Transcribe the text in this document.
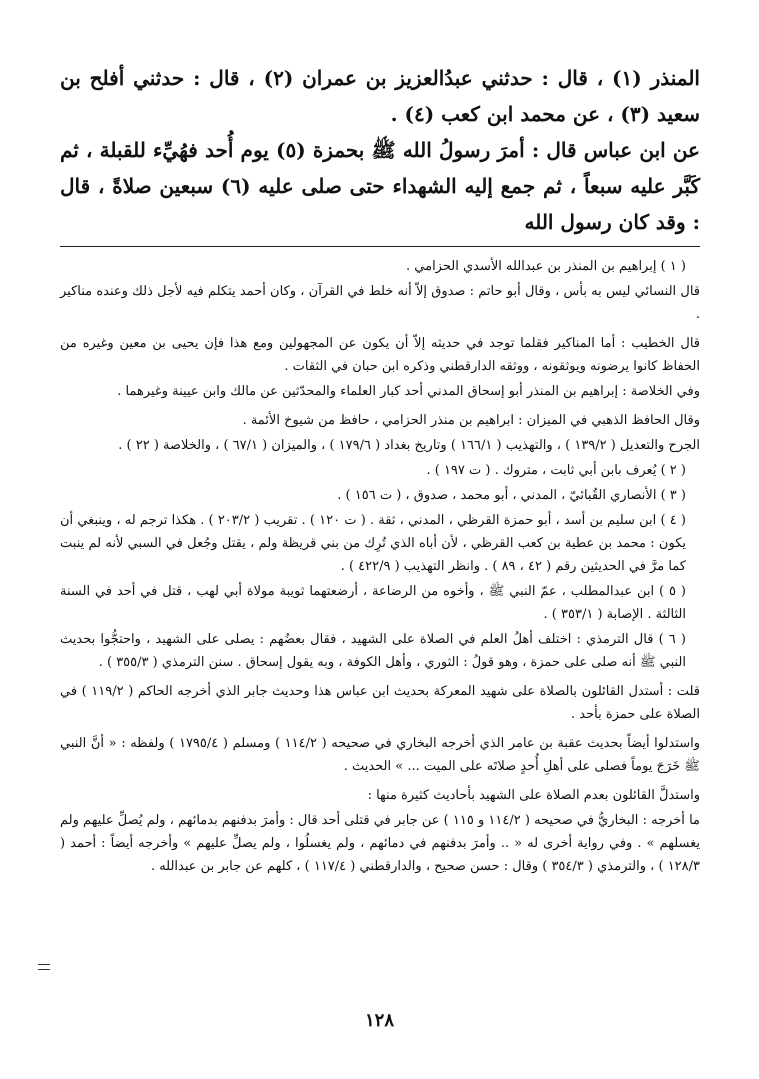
المنذر (١) ، قال : حدثني عبدُالعزيز بن عمران (٢) ، قال : حدثني أفلح بن سعيد (٣) ، عن محمد ابن كعب (٤) .

عن ابن عباس قال : أمرَ رسولُ الله ﷺ بحمزة (٥) يوم أُحد فهُيِّء للقبلة ، ثم كَبَّر عليه سبعاً ، ثم جمع إليه الشهداء حتى صلى عليه (٦) سبعين صلاةً ، قال : وقد كان رسول الله

( ١ ) إبراهيم بن المنذر بن عبدالله الأسدي الحزامي .

قال النسائي ليس به بأس ، وقال أبو حاتم : صدوق إلاّ أنه خلط في القرآن ، وكان أحمد يتكلم فيه لأجل ذلك وعنده مناكير .

قال الخطيب : أما المناكير فقلما توجد في حديثه إلاّ أن يكون عن المجهولين ومع هذا فإن يحيى بن معين وغيره من الحفاظ كانوا يرضونه ويوثقونه ، ووثقه الدارقطني وذكره ابن حبان في الثقات .

وفي الخلاصة : إبراهيم بن المنذر أبو إسحاق المدني أحد كبار العلماء والمحدّثين عن مالك وابن عيينة وغيرهما .

وقال الحافظ الذهبي في الميزان : ابراهيم بن منذر الحزامي ، حافظ من شيوخ الأئمة .

الجرح والتعديل ( ١٣٩/٢ ) ، والتهذيب ( ١٦٦/١ ) وتاريخ بغداد ( ١٧٩/٦ ) ، والميزان ( ٦٧/١ ) ، والخلاصة ( ٢٢ ) .

( ٢ ) يُعرف بابن أبي ثابت ، متروك . ( ت ١٩٧ ) .

( ٣ ) الأنصاري القُبائيّ ، المدني ، أبو محمد ، صدوق ، ( ت ١٥٦ ) .

( ٤ ) ابن سليم بن أسد ، أبو حمزة القرظي ، المدني ، ثقة . ( ت ١٢٠ ) . تقريب ( ٢٠٣/٢ ) . هكذا ترجم له ، وينبغي أن يكون : محمد بن عطية بن كعب القرظي ، لأن أباه الذي تُرِك من بني قريظة ولم ، يقتل وجُعل في السبي لأنه لم ينبت كما مرَّ في الحديثين رقم ( ٤٢ ، ٨٩ ) . وانظر التهذيب ( ٤٢٢/٩ ) .

( ٥ ) ابن عبدالمطلب ، عمّ النبي ﷺ ، وأخوه من الرضاعة ، أرضعتهما ثويبة مولاة أبي لهب ، قتل في أحد في السنة الثالثة . الإصابة ( ٣٥٣/١ ) .

( ٦ ) قال الترمذي : اختلف أهلُ العلم في الصلاة على الشهيد ، فقال بعضُهم : يصلى على الشهيد ، واحتجُّوا بحديث النبي ﷺ أنه صلى على حمزة ، وهو قولُ : الثوري ، وأهل الكوفة ، وبه يقول إسحاق . سنن الترمذي ( ٣٥٥/٣ ) .

قلت : أستدل القائلون بالصلاة على شهيد المعركة بحديث ابن عباس هذا وحديث جابر الذي أخرجه الحاكم ( ١١٩/٢ ) في الصلاة على حمزة بأحد .

واستدلوا أيضاً بحديث عقبة بن عامر الذي أخرجه البخاري في صحيحه ( ١١٤/٢ ) ومسلم ( ١٧٩٥/٤ ) ولفظه : « أنَّ النبي ﷺ خَرَجَ يوماً فصلى على أهلِ أُحدٍ صلاتَه على الميت ... » الحديث .

واستدلَّ القائلون بعدم الصلاة على الشهيد بأحاديث كثيرة منها :

ما أخرجه : البخاريُّ في صحيحه ( ١١٤/٢ و ١١٥ ) عن جابر في قتلى أحد قال : وأمرَ بدفنهم بدمائهم ، ولم يُصلِّ عليهم ولم يغسلهم » . وفي رواية أخرى له « .. وأمرَ بدفنهم في دمائهم ، ولم يغسلُوا ، ولم يصلِّ عليهم » وأخرجه أيضاً : أحمد ( ١٢٨/٣ ) ، والترمذي ( ٣٥٤/٣ ) وقال : حسن صحيح ، والدارقطني ( ١١٧/٤ ) ، كلهم عن جابر بن عبدالله .

١٢٨
